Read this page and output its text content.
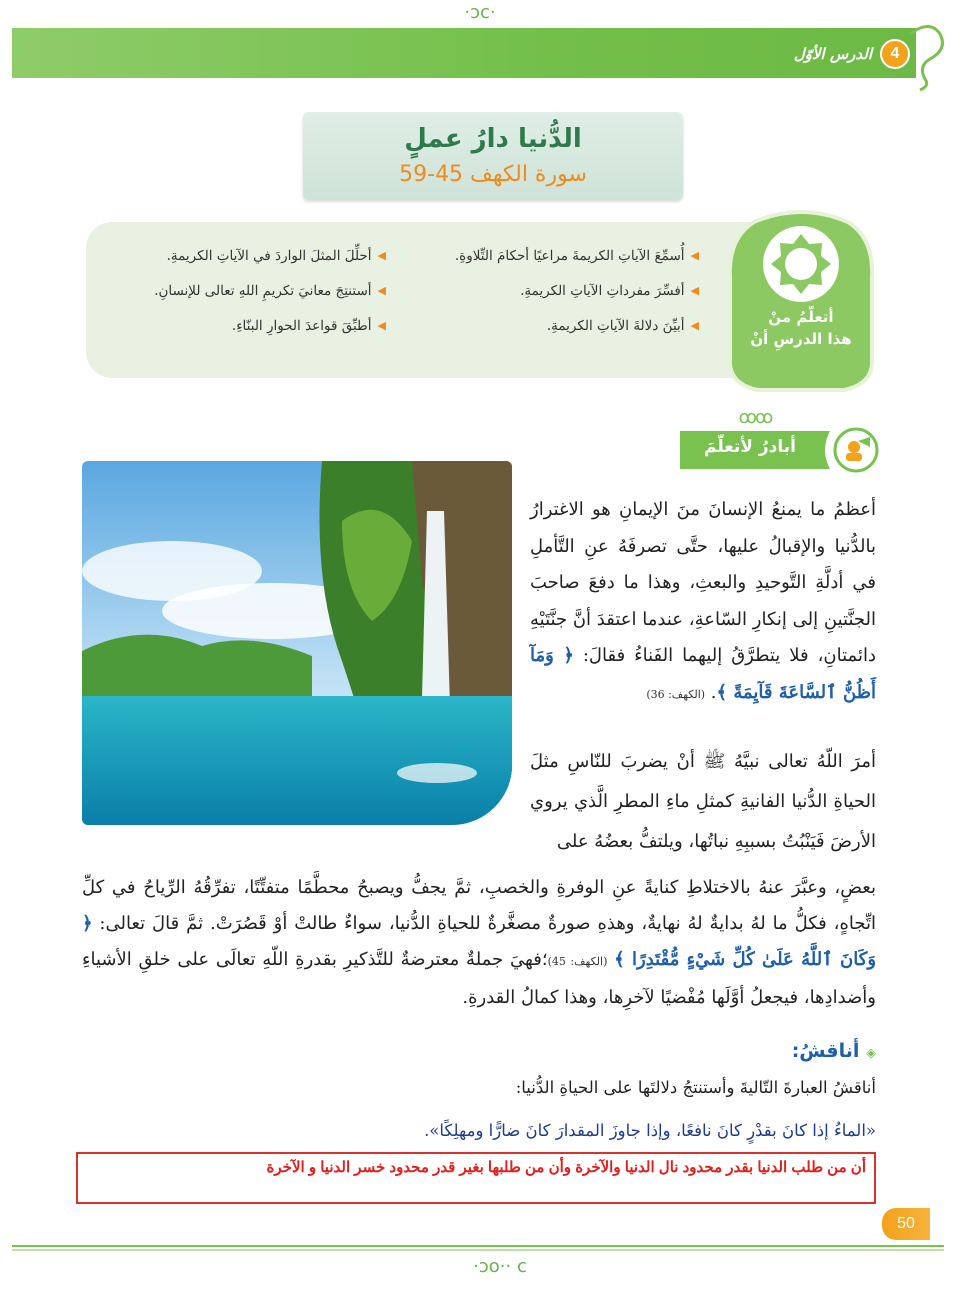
·ↄc·
4
الدرس الأوّل
الدُّنيا دارُ عملٍ
سورة الكهف 45-59
◀
أُسمِّعَ الآياتِ الكريمةَ مراعيًا أحكامَ التِّلاوةِ.
◀
أفسِّرَ مفرداتِ الآياتِ الكريمةِ.
◀
أبيِّنَ دلالةَ الآياتِ الكريمةِ.
◀
أحلِّلَ المثلَ الواردَ في الآياتِ الكريمةِ.
◀
أستنتِجَ معانيَ تكريمِ اللهِ تعالى للإنسانِ.
◀
أطبِّقَ قواعدَ الحوارِ البنّاءِ.	أتعلّمُ منْ
هذا الدرسِ أنْ
ꝏꝏ
أبادرُ لأتعلّمَ
أعظمُ ما يمنعُ الإنسانَ منَ الإيمانِ هو الاغترارُ بالدُّنيا والإقبالُ عليها، حتَّى تصرفَهُ عنِ التَّأملِ في أدلَّةِ التَّوحيدِ والبعثِ، وهذا ما دفعَ صاحبَ الجنَّتينِ إلى إنكارِ السّاعةِ، عندما اعتقدَ أنَّ جنَّتَيْهِ دائمتانِ، فلا يتطرَّقُ إليهما الفَناءُ فقالَ: ﴿ وَمَآ أَظُنُّ ٱلسَّاعَةَ قَآيِمَةً ﴾. (الكهف: 36)
أمرَ اللّهُ تعالى نبيَّهُ ﷺ أنْ يضربَ للنّاسِ مثلَ الحياةِ الدُّنيا الفانيةِ كمثلِ ماءِ المطرِ الَّذي يروي الأرضَ فَيَنْبُتُ بسببِهِ نباتُها، ويلتفُّ بعضُهُ على
بعضٍ، وعبَّرَ عنهُ بالاختلاطِ كنايةً عنِ الوفرةِ والخصبِ، ثمَّ يجفُّ ويصبحُ محطَّمًا متفتِّتًا، تفرِّقُهُ الرِّياحُ في كلِّ اتِّجاهٍ، فكلُّ ما لهُ بدايةٌ لهُ نهايةٌ، وهذهِ صورةٌ مصغَّرةٌ للحياةِ الدُّنيا، سواءٌ طالتْ أوْ قَصُرَتْ. ثمَّ قالَ تعالى: ﴿ وَكَانَ ٱللَّهُ عَلَىٰ كُلِّ شَيْءٍ مُّقْتَدِرًا ﴾ (الكهف: 45)؛فهيَ جملةٌ معترضةٌ للتَّذكيرِ بقدرةِ اللّهِ تعالَى على خلقِ الأشياءِ وأضدادِها، فيجعلُ أوَّلَها مُفْضيًا لآخرِها، وهذا كمالُ القدرةِ.
◈ أناقشُ:
أناقشُ العبارةَ التّاليةَ وأستنتجُ دلالتَها على الحياةِ الدُّنيا:
«الماءُ إذا كانَ بقدْرٍ كانَ نافعًا، وإذا جاوزَ المقدارَ كانَ ضارًّا ومهلِكًا».
أن من طلب الدنيا بقدر محدود نال الدنيا والآخرة وأن من طلبها بغير قدر محدود خسر الدنيا و الآخرة
50
·ↄo·· c
